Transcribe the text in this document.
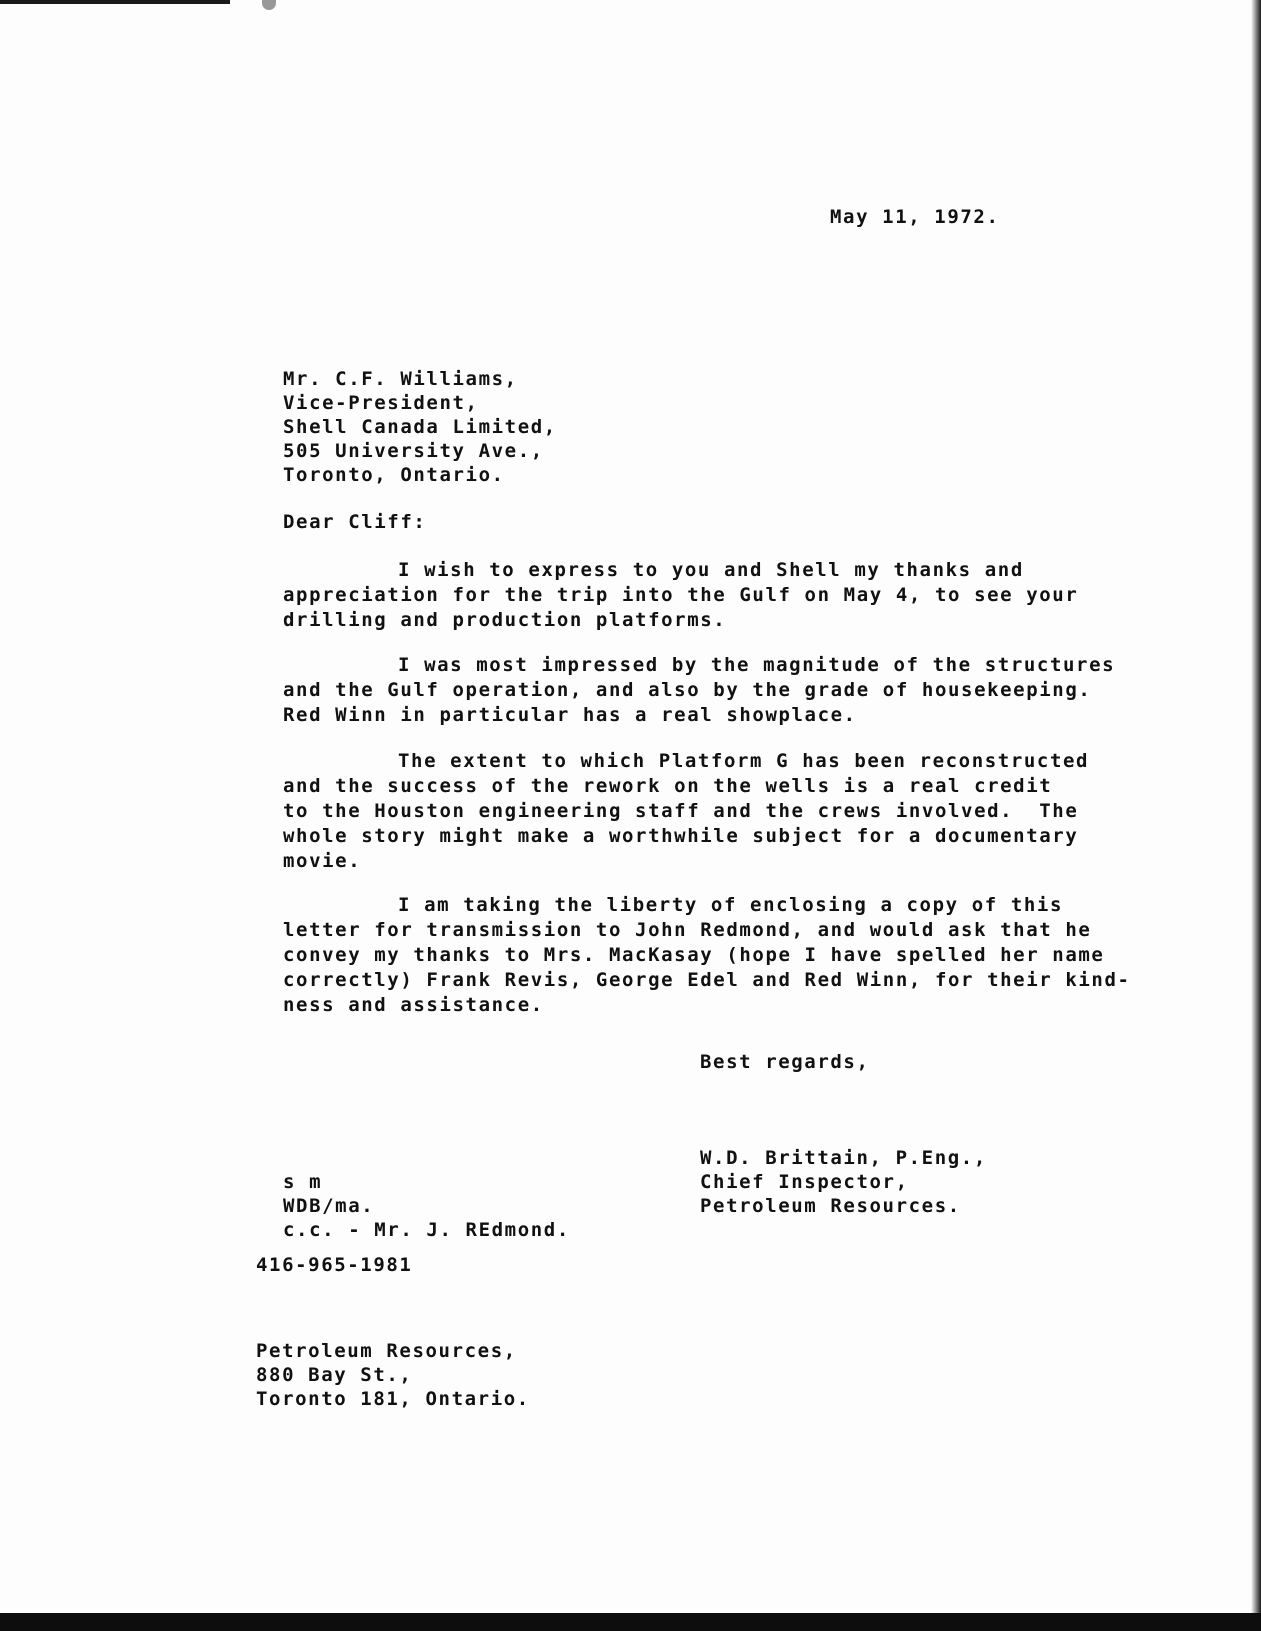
May 11, 1972.
Mr. C.F. Williams,
Vice-President,
Shell Canada Limited,
505 University Ave.,
Toronto, Ontario.
Dear Cliff:
I wish to express to you and Shell my thanks and
appreciation for the trip into the Gulf on May 4, to see your
drilling and production platforms.
I was most impressed by the magnitude of the structures
and the Gulf operation, and also by the grade of housekeeping.
Red Winn in particular has a real showplace.
The extent to which Platform G has been reconstructed
and the success of the rework on the wells is a real credit
to the Houston engineering staff and the crews involved.  The
whole story might make a worthwhile subject for a documentary
movie.
I am taking the liberty of enclosing a copy of this
letter for transmission to John Redmond, and would ask that he
convey my thanks to Mrs. MacKasay (hope I have spelled her name
correctly) Frank Revis, George Edel and Red Winn, for their kind-
ness and assistance.
Best regards,
W.D. Brittain, P.Eng.,
Chief Inspector,
Petroleum Resources.
s m
WDB/ma.
c.c. - Mr. J. REdmond.
416-965-1981
Petroleum Resources,
880 Bay St.,
Toronto 181, Ontario.
